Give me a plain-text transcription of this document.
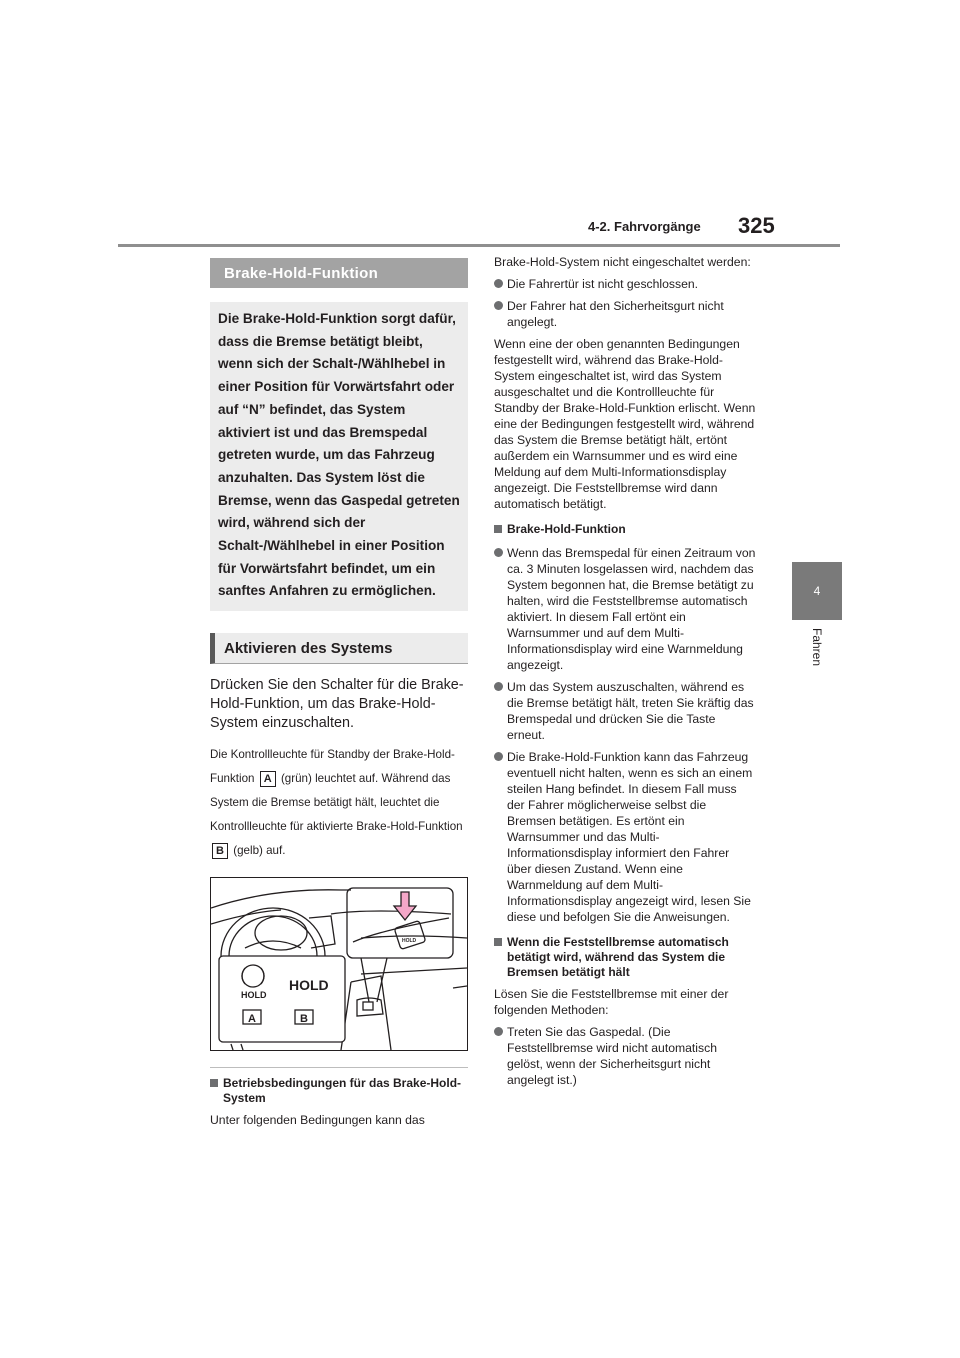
4-2. Fahrvorgänge 325
4
Fahren
Brake-Hold-Funktion
Die Brake-Hold-Funktion sorgt dafür, dass die Bremse betätigt bleibt, wenn sich der Schalt-/Wählhebel in einer Position für Vorwärtsfahrt oder auf “N” befindet, das System aktiviert ist und das Bremspedal getreten wurde, um das Fahrzeug anzuhalten. Das System löst die Bremse, wenn das Gaspedal getreten wird, während sich der Schalt-/Wählhebel in einer Position für Vorwärtsfahrt befindet, um ein sanftes Anfahren zu ermöglichen.
Aktivieren des Systems
Drücken Sie den Schalter für die Brake-Hold-Funktion, um das Brake-Hold-System einzuschalten.
Die Kontrollleuchte für Standby der Brake-Hold-Funktion A (grün) leuchtet auf. Während das System die Bremse betätigt hält, leuchtet die Kontrollleuchte für aktivierte Brake-Hold-Funktion B (gelb) auf.
HOLD
HOLD
A	B
HOLD
Betriebsbedingungen für das Brake-Hold-System
Unter folgenden Bedingungen kann das
Brake-Hold-System nicht eingeschaltet werden:
Die Fahrertür ist nicht geschlossen.
Der Fahrer hat den Sicherheitsgurt nicht angelegt.
Wenn eine der oben genannten Bedingungen festgestellt wird, während das Brake-Hold-System eingeschaltet ist, wird das System ausgeschaltet und die Kontrollleuchte für Standby der Brake-Hold-Funktion erlischt. Wenn eine der Bedingungen festgestellt wird, während das System die Bremse betätigt hält, ertönt außerdem ein Warnsummer und es wird eine Meldung auf dem Multi-Informationsdisplay angezeigt. Die Feststellbremse wird dann automatisch betätigt.
Brake-Hold-Funktion
Wenn das Bremspedal für einen Zeitraum von ca. 3 Minuten losgelassen wird, nachdem das System begonnen hat, die Bremse betätigt zu halten, wird die Feststellbremse automatisch aktiviert. In diesem Fall ertönt ein Warnsummer und auf dem Multi-Informationsdisplay wird eine Warnmeldung angezeigt.
Um das System auszuschalten, während es die Bremse betätigt hält, treten Sie kräftig das Bremspedal und drücken Sie die Taste erneut.
Die Brake-Hold-Funktion kann das Fahrzeug eventuell nicht halten, wenn es sich an einem steilen Hang befindet. In diesem Fall muss der Fahrer möglicherweise selbst die Bremsen betätigen. Es ertönt ein Warnsummer und das Multi-Informationsdisplay informiert den Fahrer über diesen Zustand. Wenn eine Warnmeldung auf dem Multi-Informationsdisplay angezeigt wird, lesen Sie diese und befolgen Sie die Anweisungen.
Wenn die Feststellbremse automatisch betätigt wird, während das System die Bremsen betätigt hält
Lösen Sie die Feststellbremse mit einer der folgenden Methoden:
Treten Sie das Gaspedal. (Die Feststellbremse wird nicht automatisch gelöst, wenn der Sicherheitsgurt nicht angelegt ist.)
